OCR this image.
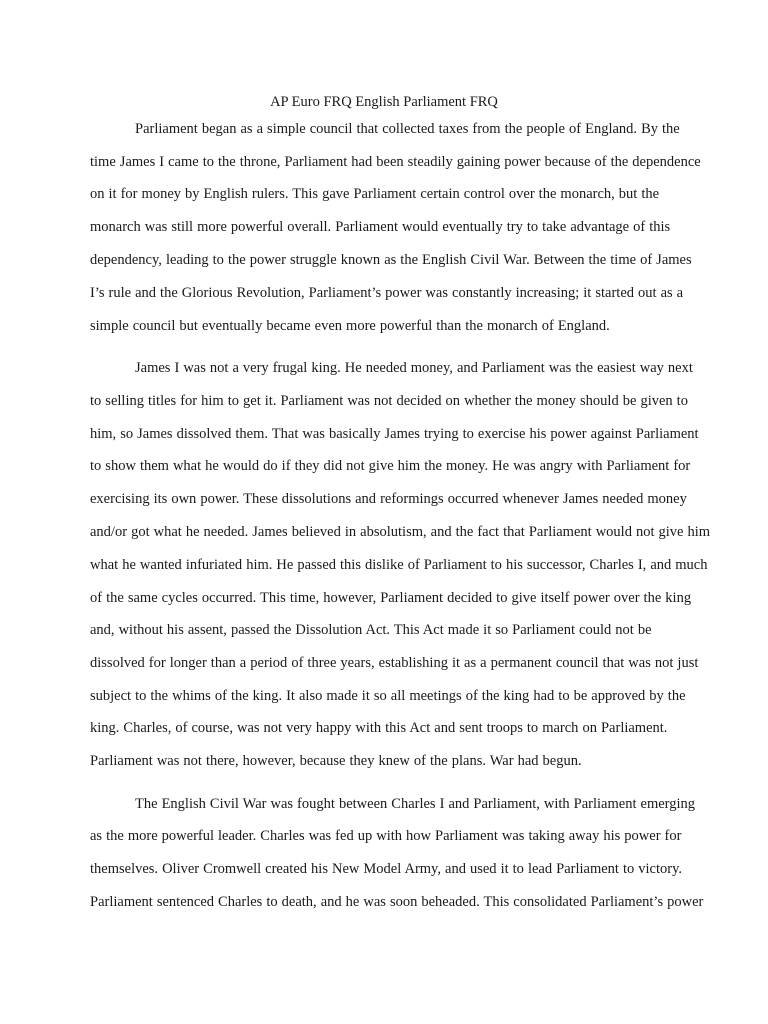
AP Euro FRQ English Parliament FRQ
Parliament began as a simple council that collected taxes from the people of England. By the
time James I came to the throne, Parliament had been steadily gaining power because of the dependence
on it for money by English rulers. This gave Parliament certain control over the monarch, but the
monarch was still more powerful overall. Parliament would eventually try to take advantage of this
dependency, leading to the power struggle known as the English Civil War. Between the time of James
I’s rule and the Glorious Revolution, Parliament’s power was constantly increasing; it started out as a
simple council but eventually became even more powerful than the monarch of England.
James I was not a very frugal king. He needed money, and Parliament was the easiest way next
to selling titles for him to get it. Parliament was not decided on whether the money should be given to
him, so James dissolved them. That was basically James trying to exercise his power against Parliament
to show them what he would do if they did not give him the money. He was angry with Parliament for
exercising its own power. These dissolutions and reformings occurred whenever James needed money
and/or got what he needed. James believed in absolutism, and the fact that Parliament would not give him
what he wanted infuriated him. He passed this dislike of Parliament to his successor, Charles I, and much
of the same cycles occurred. This time, however, Parliament decided to give itself power over the king
and, without his assent, passed the Dissolution Act. This Act made it so Parliament could not be
dissolved for longer than a period of three years, establishing it as a permanent council that was not just
subject to the whims of the king. It also made it so all meetings of the king had to be approved by the
king. Charles, of course, was not very happy with this Act and sent troops to march on Parliament.
Parliament was not there, however, because they knew of the plans. War had begun.
The English Civil War was fought between Charles I and Parliament, with Parliament emerging
as the more powerful leader. Charles was fed up with how Parliament was taking away his power for
themselves. Oliver Cromwell created his New Model Army, and used it to lead Parliament to victory.
Parliament sentenced Charles to death, and he was soon beheaded. This consolidated Parliament’s power
